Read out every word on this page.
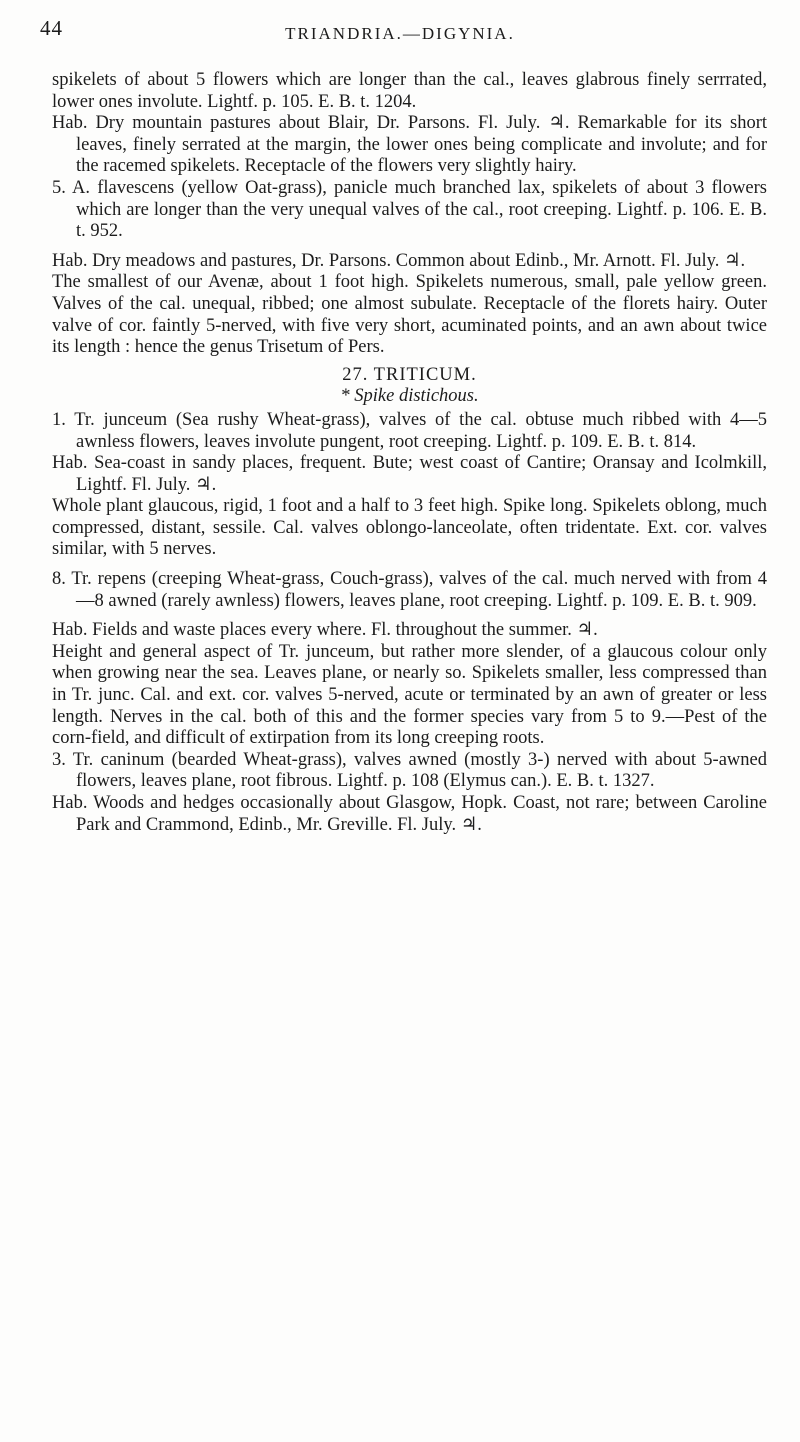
44	TRIANDRIA.—DIGYNIA.

spikelets of about 5 flowers which are longer than the cal., leaves glabrous finely serrrated, lower ones involute. Lightf. p. 105. E. B. t. 1204.

Hab. Dry mountain pastures about Blair, Dr. Parsons. Fl. July. ♃. Remarkable for its short leaves, finely serrated at the margin, the lower ones being complicate and involute; and for the racemed spikelets. Receptacle of the flowers very slightly hairy.

5. A. flavescens (yellow Oat-grass), panicle much branched lax, spikelets of about 3 flowers which are longer than the very unequal valves of the cal., root creeping. Lightf. p. 106. E. B. t. 952.

Hab. Dry meadows and pastures, Dr. Parsons. Common about Edinb., Mr. Arnott. Fl. July. ♃.

The smallest of our Avenæ, about 1 foot high. Spikelets numerous, small, pale yellow green. Valves of the cal. unequal, ribbed; one almost subulate. Receptacle of the florets hairy. Outer valve of cor. faintly 5-nerved, with five very short, acuminated points, and an awn about twice its length : hence the genus Trisetum of Pers.

27. TRITICUM.

* Spike distichous.

1. Tr. junceum (Sea rushy Wheat-grass), valves of the cal. obtuse much ribbed with 4—5 awnless flowers, leaves involute pungent, root creeping. Lightf. p. 109. E. B. t. 814.

Hab. Sea-coast in sandy places, frequent. Bute; west coast of Cantire; Oransay and Icolmkill, Lightf. Fl. July. ♃.

Whole plant glaucous, rigid, 1 foot and a half to 3 feet high. Spike long. Spikelets oblong, much compressed, distant, sessile. Cal. valves oblongo-lanceolate, often tridentate. Ext. cor. valves similar, with 5 nerves.

8. Tr. repens (creeping Wheat-grass, Couch-grass), valves of the cal. much nerved with from 4—8 awned (rarely awnless) flowers, leaves plane, root creeping. Lightf. p. 109. E. B. t. 909.

Hab. Fields and waste places every where. Fl. throughout the summer. ♃.

Height and general aspect of Tr. junceum, but rather more slender, of a glaucous colour only when growing near the sea. Leaves plane, or nearly so. Spikelets smaller, less compressed than in Tr. junc. Cal. and ext. cor. valves 5-nerved, acute or terminated by an awn of greater or less length. Nerves in the cal. both of this and the former species vary from 5 to 9.—Pest of the corn-field, and difficult of extirpation from its long creeping roots.

3. Tr. caninum (bearded Wheat-grass), valves awned (mostly 3-) nerved with about 5-awned flowers, leaves plane, root fibrous. Lightf. p. 108 (Elymus can.). E. B. t. 1327.

Hab. Woods and hedges occasionally about Glasgow, Hopk. Coast, not rare; between Caroline Park and Crammond, Edinb., Mr. Greville. Fl. July. ♃.
